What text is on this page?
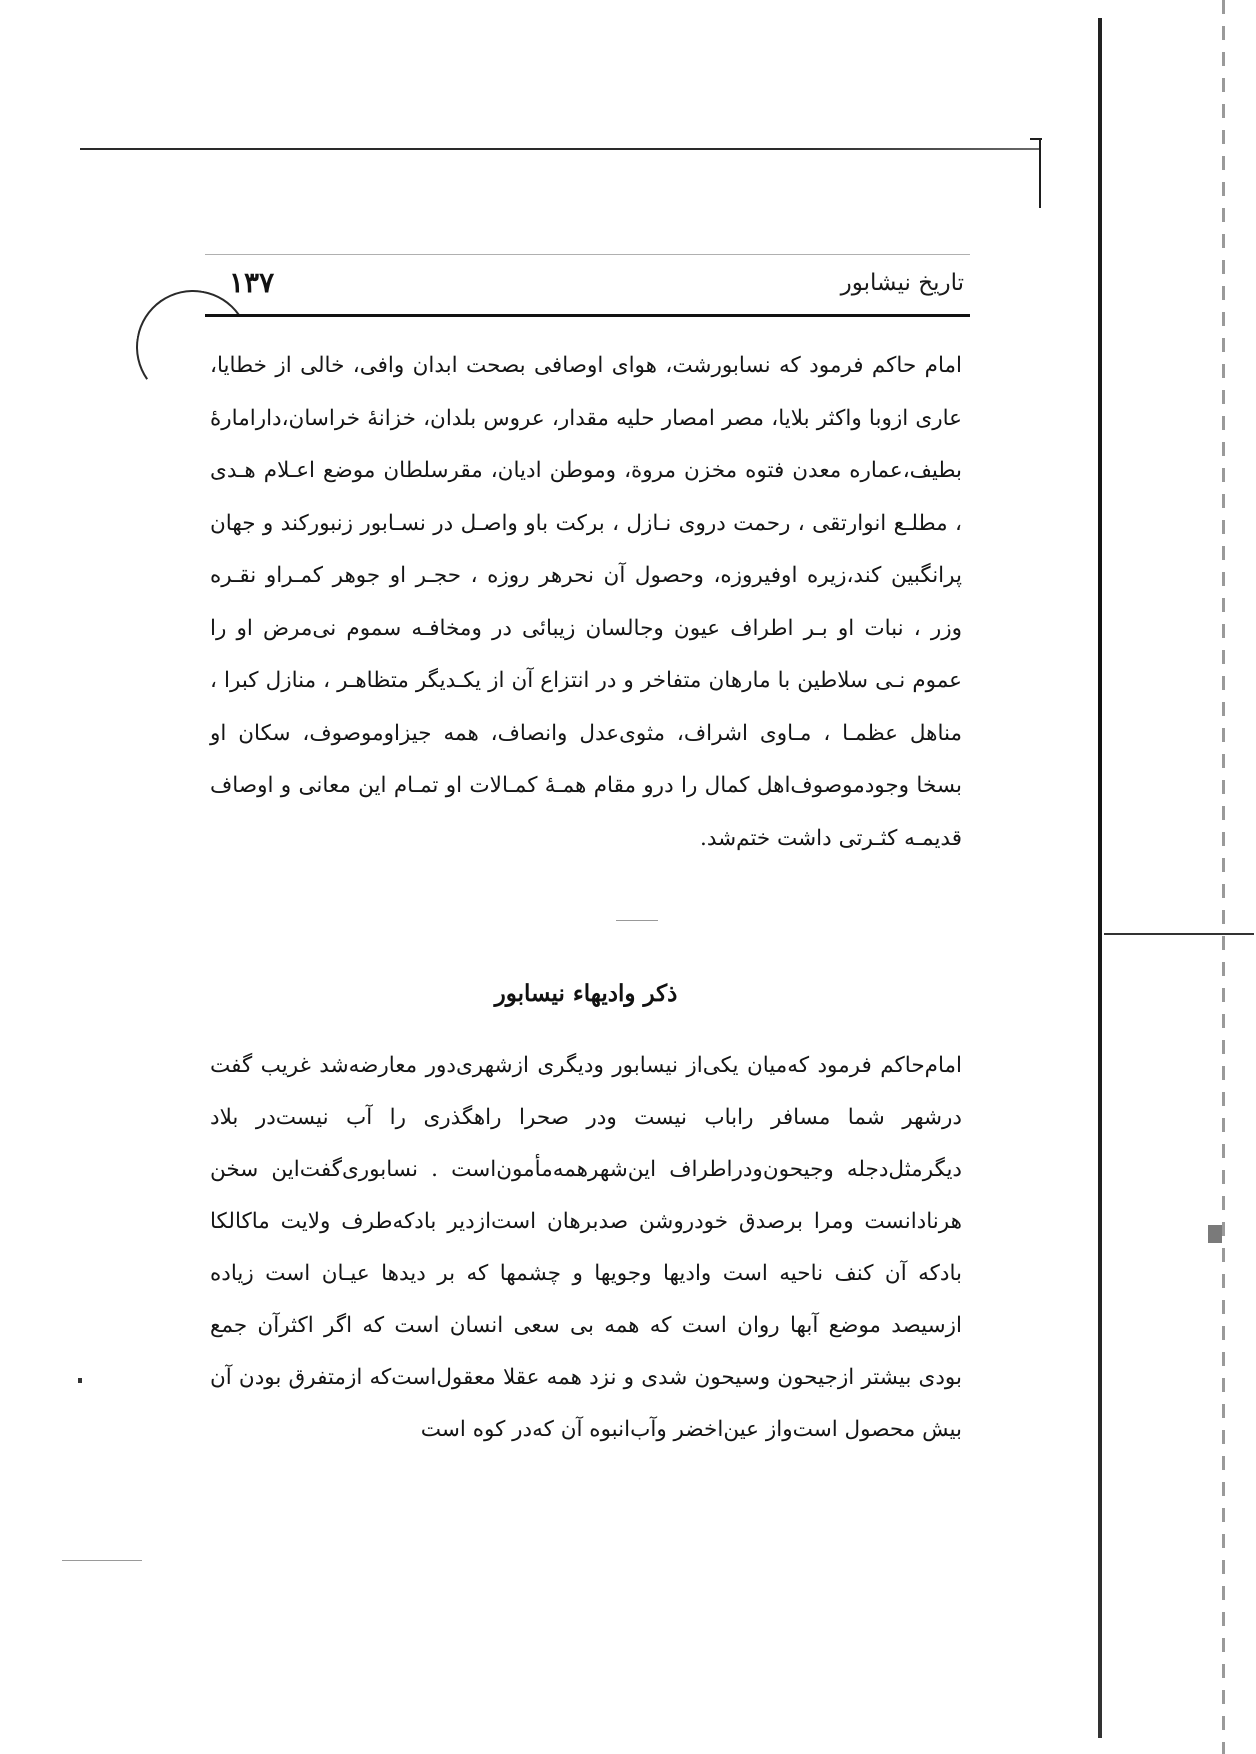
تاریخ نیشابور
۱۳۷

امام حاکم فرمود که نسابورشت، هوای اوصافی بصحت ابدان وافی، خالی از خطایا، عاری ازوبا واکثر بلایا، مصر امصار حلیه مقدار، عروس بلدان، خزانهٔ خراسان،دارامارهٔ بطیف،عماره معدن فتوه مخزن مروة، وموطن ادیان، مقرسلطان موضع اعـلام هـدی ، مطلـع انوارتقی ، رحمت دروی نـازل ، برکت باو واصـل در نسـابور زنبورکند و جهان پرانگبین کند،زیره اوفیروزه، وحصول آن نحرهر روزه ، حجـر او جوهر کمـراو نقـره وزر ، نبات او بـر اطراف عیون وجالسان زیبائی در ومخافـه سموم نی‌مرض او را عموم نـی سلاطین با مارهان متفاخر و در انتزاع آن از یکـدیگر متظاهـر ، منازل کبرا ، مناهل عظمـا ، مـاوی اشراف، مثوی‌عدل وانصاف، همه جیزاوموصوف، سکان او بسخا وجودموصوف‌اهل کمال را درو مقام همـهٔ کمـالات او تمـام این معانی و اوصاف قدیمـه کثـرتی داشت ختم‌شد.

ذکر وادیهاء نیسابور

امام‌حاکم فرمود که‌میان یکی‌از نیسابور ودیگری ازشهری‌دور معارضه‌شد غریب گفت درشهر شما مسافر راباب نیست ودر صحرا راهگذری را آب نیست‌در بلاد دیگرمثل‌دجله وجیحون‌ودراطراف این‌شهرهمه‌مأمون‌است . نسابوری‌گفت‌این سخن هرنادانست ومرا برصدق خودروشن صدبرهان است‌ازدیر بادکه‌طرف ولایت ماکالکا بادکه آن کنف ناحیه است وادیها وجویها و چشمها که بر دیدها عیـان است زیاده ازسیصد موضع آبها روان است که همه بی سعی انسان است که اگر اکثرآن جمع بودی بیشتر ازجیحون وسیحون شدی و نزد همه عقلا معقول‌است‌که ازمتفرق بودن آن بیش محصول است‌واز عین‌اخضر وآب‌انبوه آن که‌در کوه است
